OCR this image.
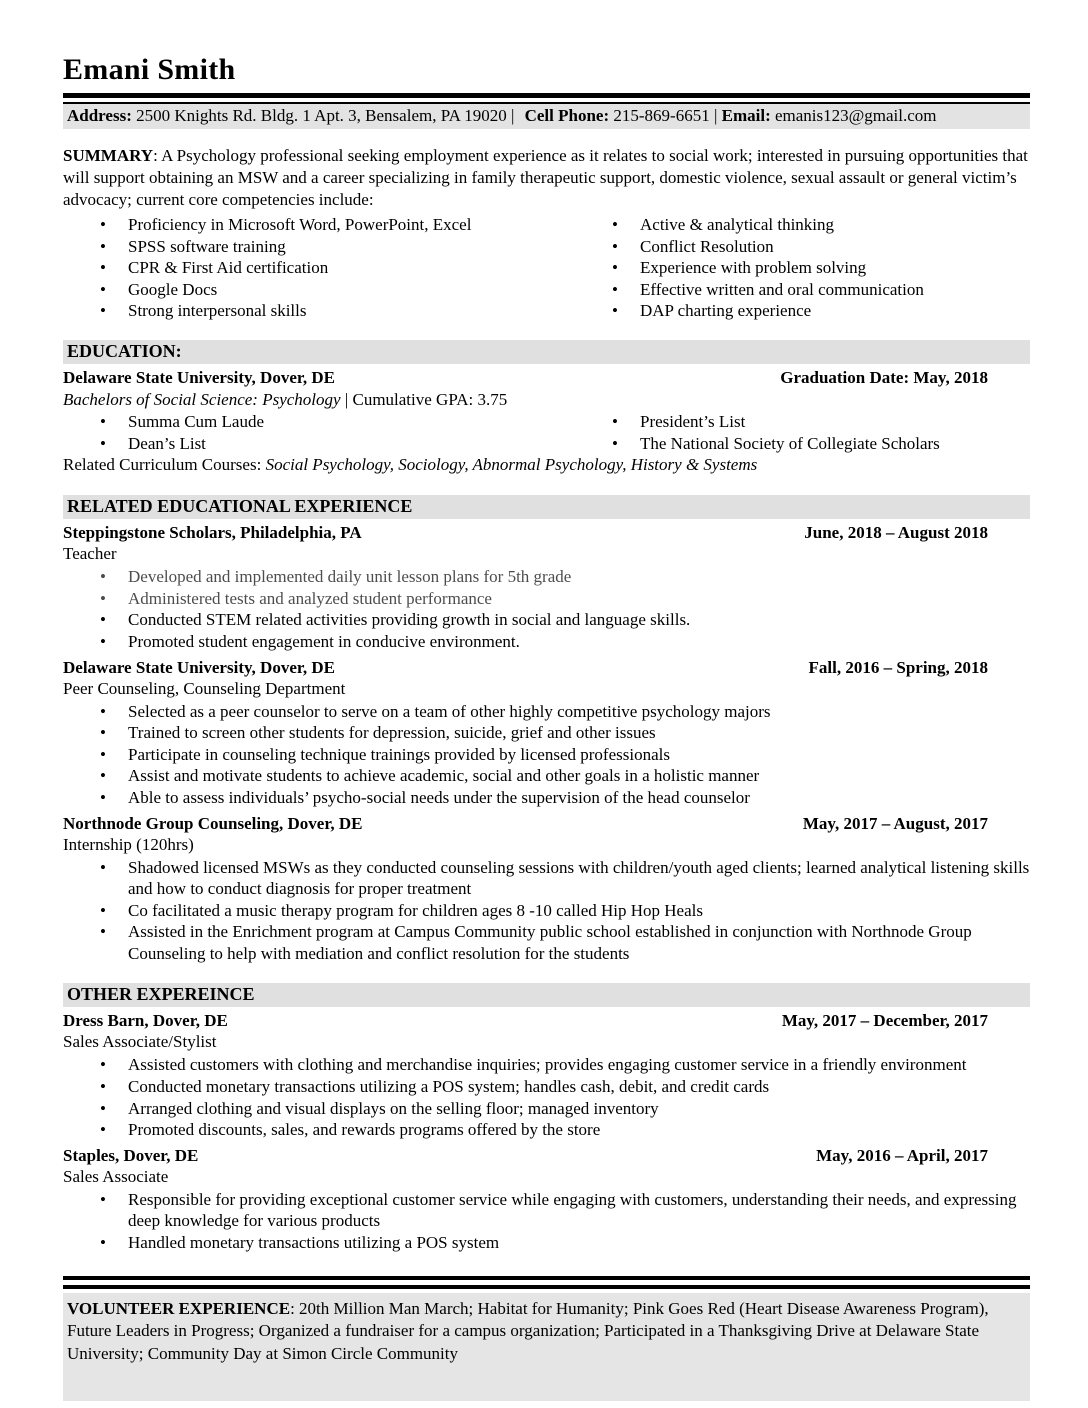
Emani Smith
Address: 2500 Knights Rd. Bldg. 1 Apt. 3, Bensalem, PA 19020 | Cell Phone: 215-869-6651 | Email: emanis123@gmail.com

SUMMARY: A Psychology professional seeking employment experience as it relates to social work; interested in pursuing opportunities that will support obtaining an MSW and a career specializing in family therapeutic support, domestic violence, sexual assault or general victim’s advocacy; current core competencies include:

• Proficiency in Microsoft Word, PowerPoint, Excel
• SPSS software training
• CPR & First Aid certification
• Google Docs
• Strong interpersonal skills
• Active & analytical thinking
• Conflict Resolution
• Experience with problem solving
• Effective written and oral communication
• DAP charting experience
EDUCATION:
Delaware State University, Dover, DE	Graduation Date: May, 2018
Bachelors of Social Science: Psychology | Cumulative GPA: 3.75
• Summa Cum Laude
• Dean’s List
• President’s List
• The National Society of Collegiate Scholars
Related Curriculum Courses: Social Psychology, Sociology, Abnormal Psychology, History & Systems
RELATED EDUCATIONAL EXPERIENCE
Steppingstone Scholars, Philadelphia, PA	June, 2018 – August 2018
Teacher
• Developed and implemented daily unit lesson plans for 5th grade
• Administered tests and analyzed student performance
• Conducted STEM related activities providing growth in social and language skills.
• Promoted student engagement in conducive environment.
Delaware State University, Dover, DE	Fall, 2016 – Spring, 2018
Peer Counseling, Counseling Department
• Selected as a peer counselor to serve on a team of other highly competitive psychology majors
• Trained to screen other students for depression, suicide, grief and other issues
• Participate in counseling technique trainings provided by licensed professionals
• Assist and motivate students to achieve academic, social and other goals in a holistic manner
• Able to assess individuals’ psycho-social needs under the supervision of the head counselor
Northnode Group Counseling, Dover, DE	May, 2017 – August, 2017
Internship (120hrs)
• Shadowed licensed MSWs as they conducted counseling sessions with children/youth aged clients; learned analytical listening skills and how to conduct diagnosis for proper treatment
• Co facilitated a music therapy program for children ages 8 -10 called Hip Hop Heals
• Assisted in the Enrichment program at Campus Community public school established in conjunction with Northnode Group Counseling to help with mediation and conflict resolution for the students
OTHER EXPEREINCE
Dress Barn, Dover, DE	May, 2017 – December, 2017
Sales Associate/Stylist
• Assisted customers with clothing and merchandise inquiries; provides engaging customer service in a friendly environment
• Conducted monetary transactions utilizing a POS system; handles cash, debit, and credit cards
• Arranged clothing and visual displays on the selling floor; managed inventory
• Promoted discounts, sales, and rewards programs offered by the store
Staples, Dover, DE	May, 2016 – April, 2017
Sales Associate
• Responsible for providing exceptional customer service while engaging with customers, understanding their needs, and expressing deep knowledge for various products
• Handled monetary transactions utilizing a POS system
VOLUNTEER EXPERIENCE: 20th Million Man March; Habitat for Humanity; Pink Goes Red (Heart Disease Awareness Program), Future Leaders in Progress; Organized a fundraiser for a campus organization; Participated in a Thanksgiving Drive at Delaware State University; Community Day at Simon Circle Community
